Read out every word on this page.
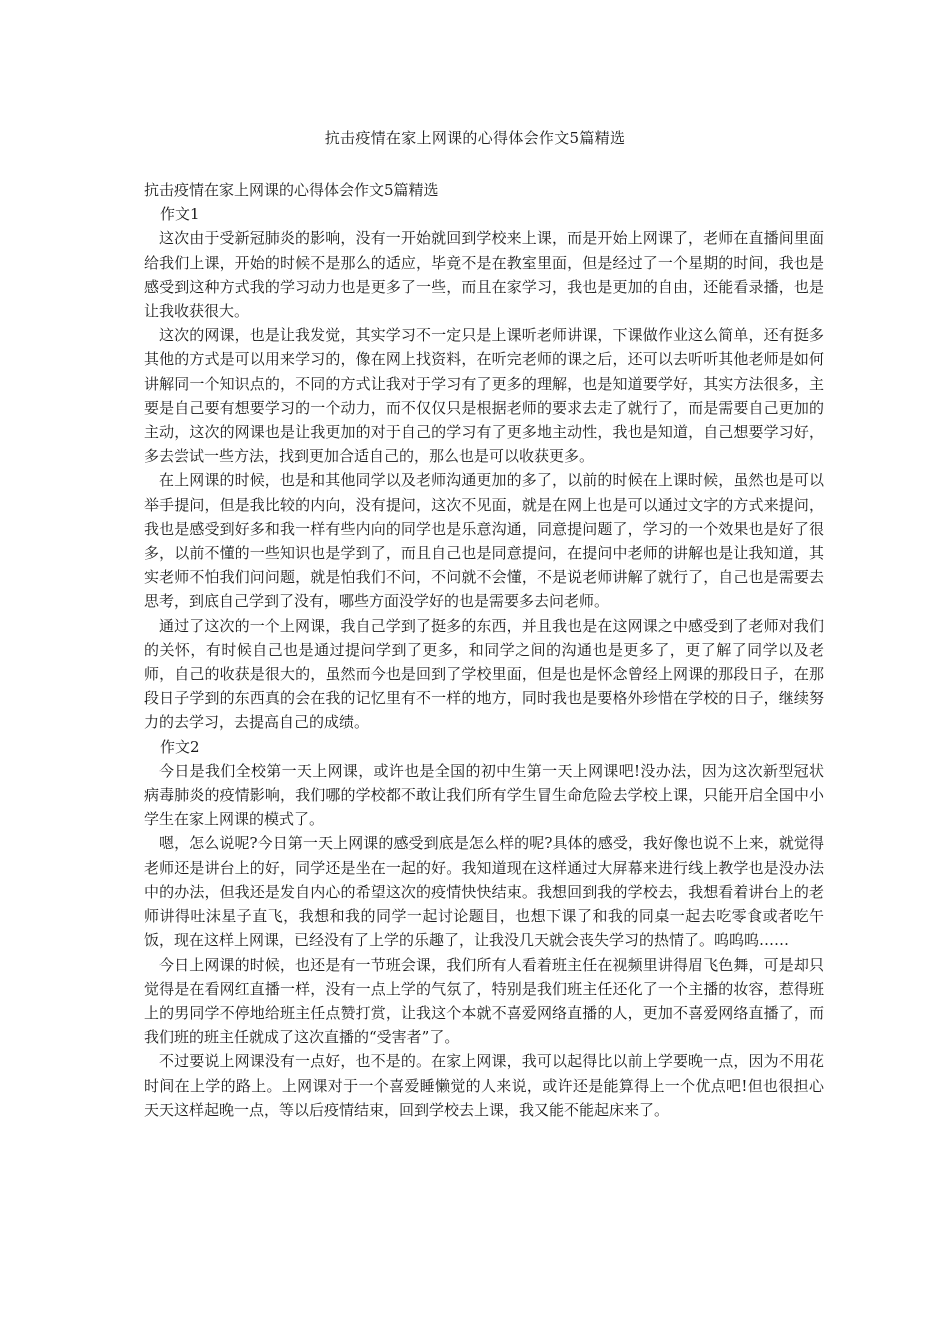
抗击疫情在家上网课的心得体会作文5篇精选

抗击疫情在家上网课的心得体会作文5篇精选

作文1

这次由于受新冠肺炎的影响，没有一开始就回到学校来上课，而是开始上网课了，老师在直播间里面给我们上课，开始的时候不是那么的适应，毕竟不是在教室里面，但是经过了一个星期的时间，我也是感受到这种方式我的学习动力也是更多了一些，而且在家学习，我也是更加的自由，还能看录播，也是让我收获很大。

这次的网课，也是让我发觉，其实学习不一定只是上课听老师讲课，下课做作业这么简单，还有挺多其他的方式是可以用来学习的，像在网上找资料，在听完老师的课之后，还可以去听听其他老师是如何讲解同一个知识点的，不同的方式让我对于学习有了更多的理解，也是知道要学好，其实方法很多，主要是自己要有想要学习的一个动力，而不仅仅只是根据老师的要求去走了就行了，而是需要自己更加的主动，这次的网课也是让我更加的对于自己的学习有了更多地主动性，我也是知道，自己想要学习好，多去尝试一些方法，找到更加合适自己的，那么也是可以收获更多。

在上网课的时候，也是和其他同学以及老师沟通更加的多了，以前的时候在上课时候，虽然也是可以举手提问，但是我比较的内向，没有提问，这次不见面，就是在网上也是可以通过文字的方式来提问，我也是感受到好多和我一样有些内向的同学也是乐意沟通，同意提问题了，学习的一个效果也是好了很多，以前不懂的一些知识也是学到了，而且自己也是同意提问，在提问中老师的讲解也是让我知道，其实老师不怕我们问问题，就是怕我们不问，不问就不会懂，不是说老师讲解了就行了，自己也是需要去思考，到底自己学到了没有，哪些方面没学好的也是需要多去问老师。

通过了这次的一个上网课，我自己学到了挺多的东西，并且我也是在这网课之中感受到了老师对我们的关怀，有时候自己也是通过提问学到了更多，和同学之间的沟通也是更多了，更了解了同学以及老师，自己的收获是很大的，虽然而今也是回到了学校里面，但是也是怀念曾经上网课的那段日子，在那段日子学到的东西真的会在我的记忆里有不一样的地方，同时我也是要格外珍惜在学校的日子，继续努力的去学习，去提高自己的成绩。

作文2

今日是我们全校第一天上网课，或许也是全国的初中生第一天上网课吧!没办法，因为这次新型冠状病毒肺炎的疫情影响，我们哪的学校都不敢让我们所有学生冒生命危险去学校上课，只能开启全国中小学生在家上网课的模式了。

嗯，怎么说呢?今日第一天上网课的感受到底是怎么样的呢?具体的感受，我好像也说不上来，就觉得老师还是讲台上的好，同学还是坐在一起的好。我知道现在这样通过大屏幕来进行线上教学也是没办法中的办法，但我还是发自内心的希望这次的疫情快快结束。我想回到我的学校去，我想看着讲台上的老师讲得吐沫星子直飞，我想和我的同学一起讨论题目，也想下课了和我的同桌一起去吃零食或者吃午饭，现在这样上网课，已经没有了上学的乐趣了，让我没几天就会丧失学习的热情了。呜呜呜……

今日上网课的时候，也还是有一节班会课，我们所有人看着班主任在视频里讲得眉飞色舞，可是却只觉得是在看网红直播一样，没有一点上学的气氛了，特别是我们班主任还化了一个主播的妆容，惹得班上的男同学不停地给班主任点赞打赏，让我这个本就不喜爱网络直播的人，更加不喜爱网络直播了，而我们班的班主任就成了这次直播的“受害者”了。

不过要说上网课没有一点好，也不是的。在家上网课，我可以起得比以前上学要晚一点，因为不用花时间在上学的路上。上网课对于一个喜爱睡懒觉的人来说，或许还是能算得上一个优点吧!但也很担心天天这样起晚一点，等以后疫情结束，回到学校去上课，我又能不能起床来了。
